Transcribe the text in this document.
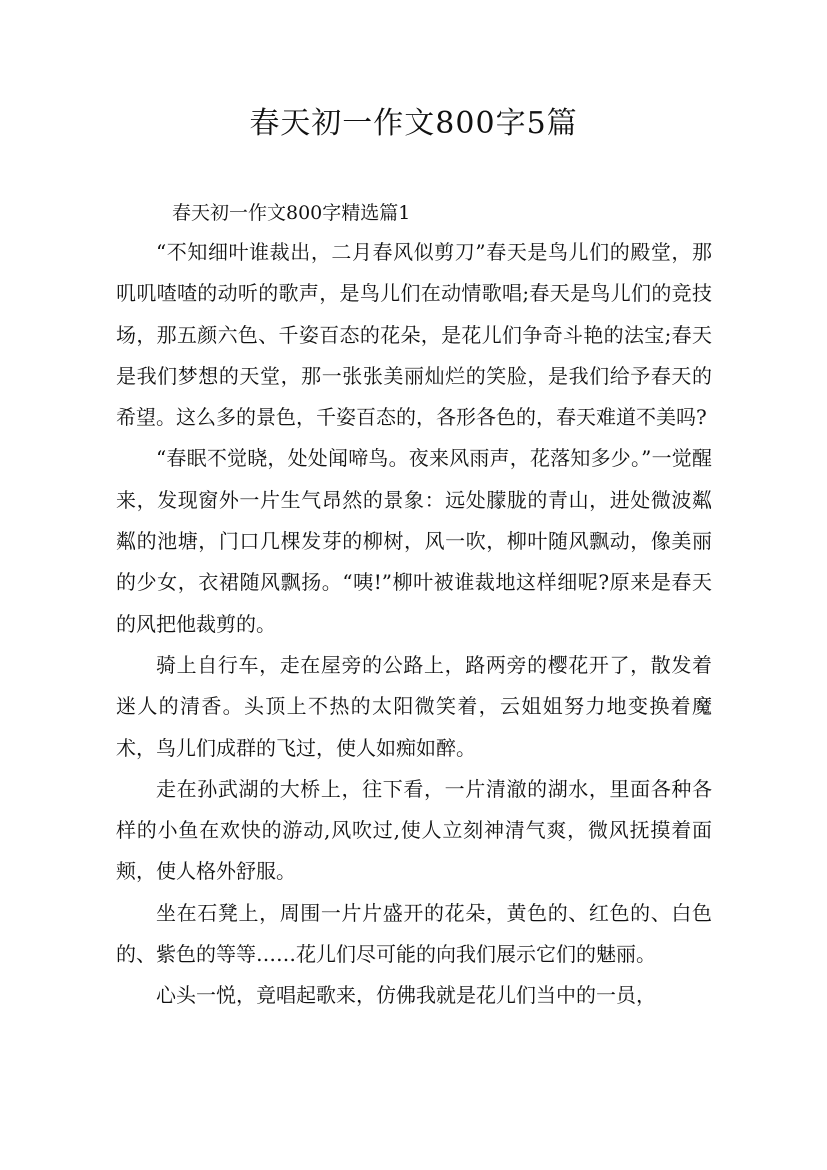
春天初一作文800字5篇

春天初一作文800字精选篇1

“不知细叶谁裁出，二月春风似剪刀”春天是鸟儿们的殿堂，那叽叽喳喳的动听的歌声，是鸟儿们在动情歌唱;春天是鸟儿们的竞技场，那五颜六色、千姿百态的花朵，是花儿们争奇斗艳的法宝;春天是我们梦想的天堂，那一张张美丽灿烂的笑脸，是我们给予春天的希望。这么多的景色，千姿百态的，各形各色的，春天难道不美吗?

“春眠不觉晓，处处闻啼鸟。夜来风雨声，花落知多少。”一觉醒来，发现窗外一片生气昂然的景象：远处朦胧的青山，进处微波粼粼的池塘，门口几棵发芽的柳树，风一吹，柳叶随风飘动，像美丽的少女，衣裙随风飘扬。“咦!”柳叶被谁裁地这样细呢?原来是春天的风把他裁剪的。

骑上自行车，走在屋旁的公路上，路两旁的樱花开了，散发着迷人的清香。头顶上不热的太阳微笑着，云姐姐努力地变换着魔术，鸟儿们成群的飞过，使人如痴如醉。

走在孙武湖的大桥上，往下看，一片清澈的湖水，里面各种各样的小鱼在欢快的游动,风吹过,使人立刻神清气爽，微风抚摸着面颊，使人格外舒服。

坐在石凳上，周围一片片盛开的花朵，黄色的、红色的、白色的、紫色的等等……花儿们尽可能的向我们展示它们的魅丽。

心头一悦，竟唱起歌来，仿佛我就是花儿们当中的一员，
